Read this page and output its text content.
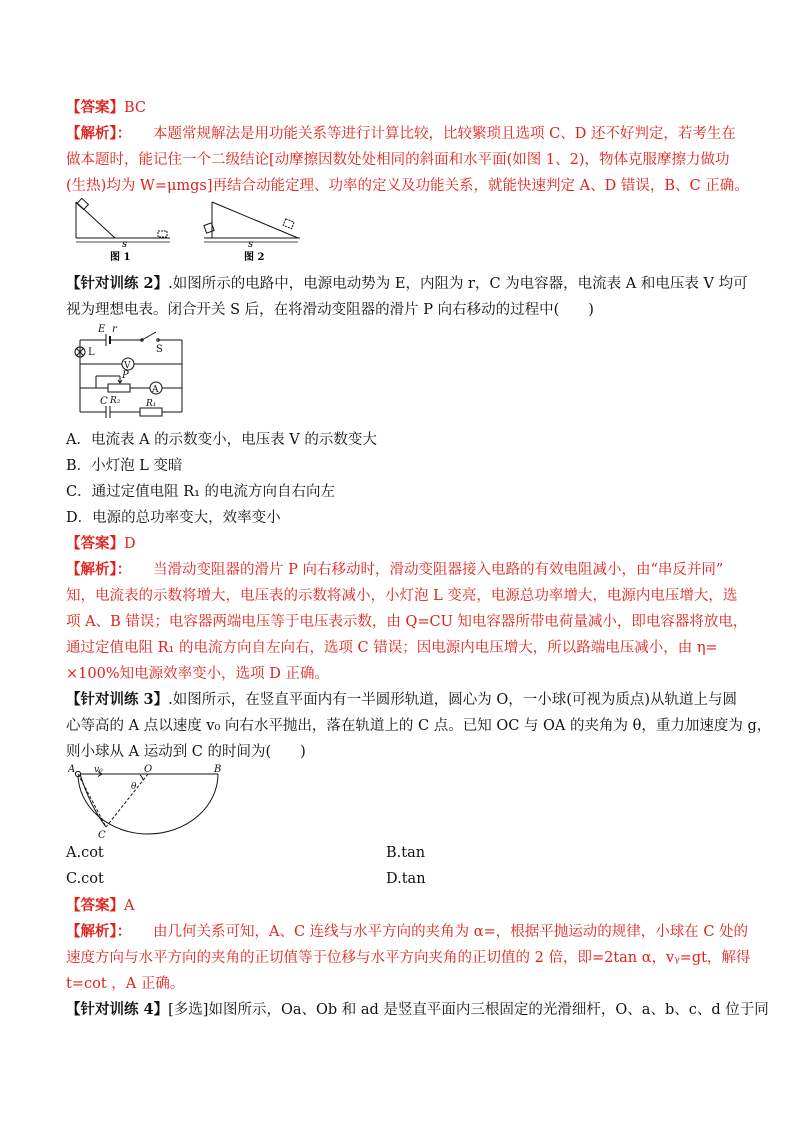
【答案】BC
【解析】：　　本题常规解法是用功能关系等进行计算比较，比较繁琐且选项 C、D 还不好判定，若考生在
做本题时，能记住一个二级结论[动摩擦因数处处相同的斜面和水平面(如图 1、2)，物体克服摩擦力做功
(生热)均为 W=μmgs]再结合动能定理、功率的定义及功能关系，就能快速判定 A、D 错误，B、C 正确。
s
图 1
s
图 2
【针对训练 2】.如图所示的电路中，电源电动势为 E，内阻为 r，C 为电容器，电流表 A 和电压表 V 均可
视为理想电表。闭合开关 S 后，在将滑动变阻器的滑片 P 向右移动的过程中(　　)
E r
S
L
V
A
P
R₂
C	R₁
A．电流表 A 的示数变小，电压表 V 的示数变大
B．小灯泡 L 变暗
C．通过定值电阻 R₁ 的电流方向自右向左
D．电源的总功率变大，效率变小
【答案】D
【解析】：　　当滑动变阻器的滑片 P 向右移动时，滑动变阻器接入电路的有效电阻减小，由“串反并同”
知，电流表的示数将增大，电压表的示数将减小，小灯泡 L 变亮，电源总功率增大，电源内电压增大，选
项 A、B 错误；电容器两端电压等于电压表示数，由 Q=CU 知电容器所带电荷量减小，即电容器将放电，
通过定值电阻 R₁ 的电流方向自左向右，选项 C 错误；因电源内电压增大，所以路端电压减小，由 η=
×100%知电源效率变小，选项 D 正确。
【针对训练 3】.如图所示，在竖直平面内有一半圆形轨道，圆心为 O，一小球(可视为质点)从轨道上与圆
心等高的 A 点以速度 v₀ 向右水平抛出，落在轨道上的 C 点。已知 OC 与 OA 的夹角为 θ，重力加速度为 g，
则小球从 A 运动到 C 的时间为(　　)
A v₀	O	B
θ
C
A.cot	B.tan
C.cot	D.tan
【答案】A
【解析】：　　由几何关系可知，A、C 连线与水平方向的夹角为 α=，根据平抛运动的规律，小球在 C 处的
速度方向与水平方向的夹角的正切值等于位移与水平方向夹角的正切值的 2 倍，即=2tan α，vᵧ=gt，解得
t=cot ，A 正确。
【针对训练 4】[多选]如图所示，Oa、Ob 和 ad 是竖直平面内三根固定的光滑细杆，O、a、b、c、d 位于同
